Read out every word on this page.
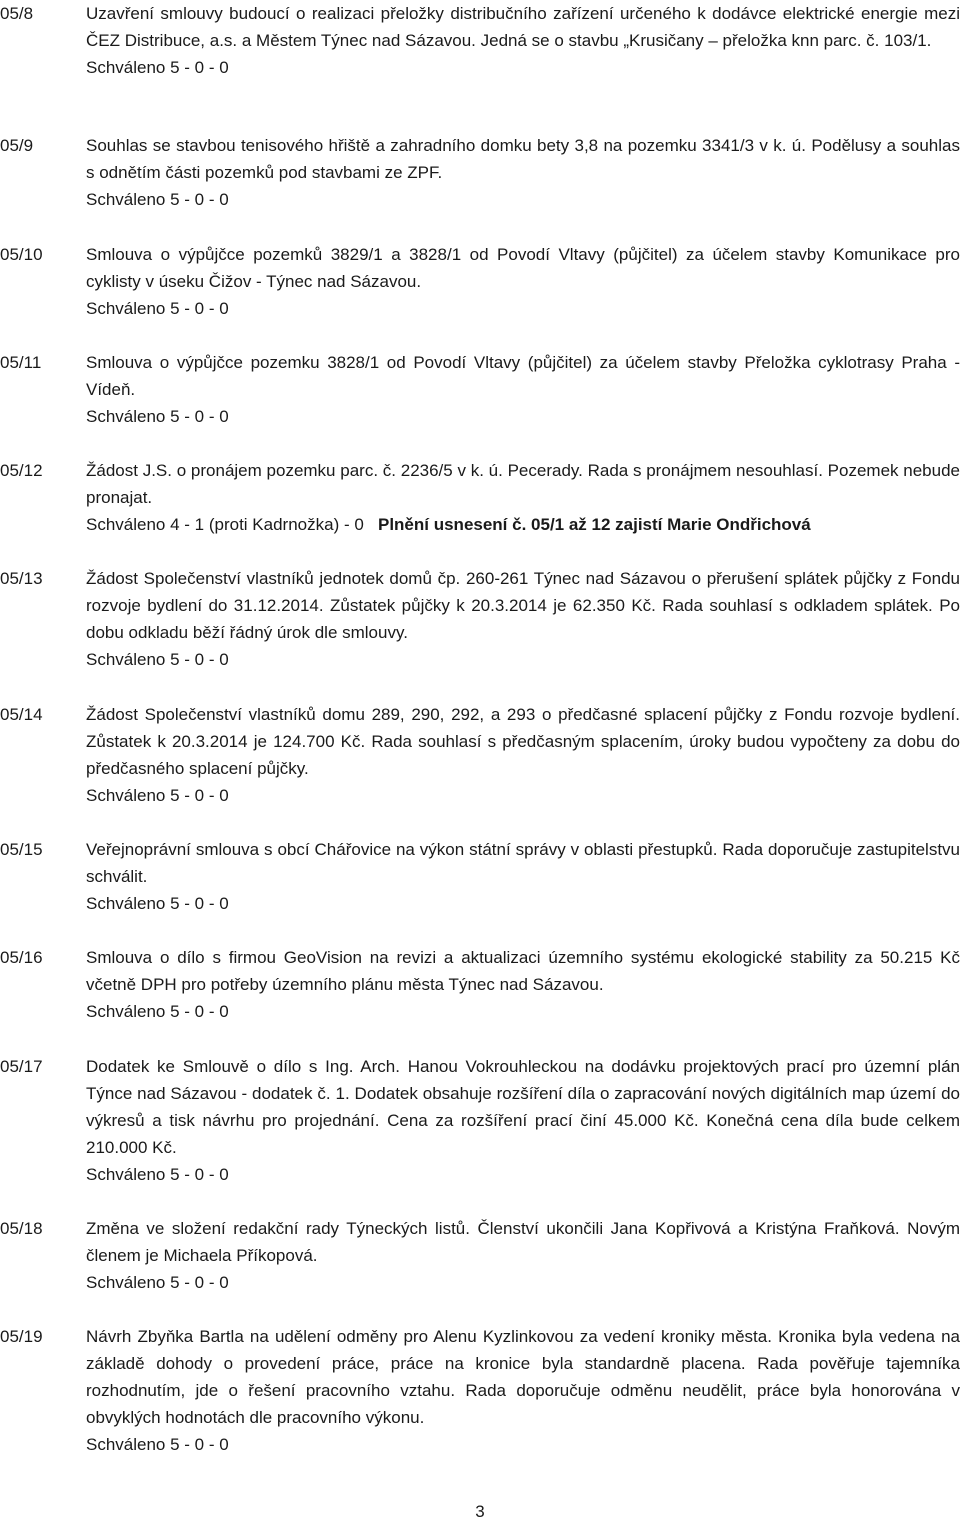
05/8	Uzavření smlouvy budoucí o realizaci přeložky distribučního zařízení určeného k dodávce elektrické energie mezi ČEZ Distribuce, a.s. a Městem Týnec nad Sázavou. Jedná se o stavbu „Krusičany – přeložka knn parc. č. 103/1.
Schváleno 5 - 0 - 0
05/9	Souhlas se stavbou tenisového hřiště a zahradního domku bety 3,8 na pozemku 3341/3 v k. ú. Podělusy a souhlas s odnětím části pozemků pod stavbami ze ZPF.
Schváleno 5 - 0 - 0
05/10	Smlouva o výpůjčce pozemků 3829/1 a 3828/1 od Povodí Vltavy (půjčitel) za účelem stavby Komunikace pro cyklisty v úseku Čižov - Týnec nad Sázavou.
Schváleno 5 - 0 - 0
05/11	Smlouva o výpůjčce pozemku 3828/1 od Povodí Vltavy (půjčitel) za účelem stavby Přeložka cyklotrasy Praha - Vídeň.
Schváleno 5 - 0 - 0
05/12	Žádost J.S. o pronájem pozemku parc. č. 2236/5 v k. ú. Pecerady. Rada s pronájmem nesouhlasí. Pozemek nebude pronajat.
Schváleno 4 - 1 (proti Kadrnožka) - 0 Plnění usnesení č. 05/1 až 12 zajistí Marie Ondřichová
05/13	Žádost Společenství vlastníků jednotek domů čp. 260-261 Týnec nad Sázavou o přerušení splátek půjčky z Fondu rozvoje bydlení do 31.12.2014. Zůstatek půjčky k 20.3.2014 je 62.350 Kč. Rada souhlasí s odkladem splátek. Po dobu odkladu běží řádný úrok dle smlouvy.
Schváleno 5 - 0 - 0
05/14	Žádost Společenství vlastníků domu 289, 290, 292, a 293 o předčasné splacení půjčky z Fondu rozvoje bydlení. Zůstatek k 20.3.2014 je 124.700 Kč. Rada souhlasí s předčasným splacením, úroky budou vypočteny za dobu do předčasného splacení půjčky.
Schváleno 5 - 0 - 0
05/15	Veřejnoprávní smlouva s obcí Chářovice na výkon státní správy v oblasti přestupků. Rada doporučuje zastupitelstvu schválit.
Schváleno 5 - 0 - 0
05/16	Smlouva o dílo s firmou GeoVision na revizi a aktualizaci územního systému ekologické stability za 50.215 Kč včetně DPH pro potřeby územního plánu města Týnec nad Sázavou.
Schváleno 5 - 0 - 0
05/17	Dodatek ke Smlouvě o dílo s Ing. Arch. Hanou Vokrouhleckou na dodávku projektových prací pro územní plán Týnce nad Sázavou - dodatek č. 1. Dodatek obsahuje rozšíření díla o zapracování nových digitálních map území do výkresů a tisk návrhu pro projednání. Cena za rozšíření prací činí 45.000 Kč. Konečná cena díla bude celkem 210.000 Kč.
Schváleno 5 - 0 - 0
05/18	Změna ve složení redakční rady Týneckých listů. Členství ukončili Jana Kopřivová a Kristýna Fraňková. Novým členem je Michaela Příkopová.
Schváleno 5 - 0 - 0
05/19	Návrh Zbyňka Bartla na udělení odměny pro Alenu Kyzlinkovou za vedení kroniky města. Kronika byla vedena na základě dohody o provedení práce, práce na kronice byla standardně placena. Rada pověřuje tajemníka rozhodnutím, jde o řešení pracovního vztahu. Rada doporučuje odměnu neudělit, práce byla honorována v obvyklých hodnotách dle pracovního výkonu.
Schváleno 5 - 0 - 0
3
